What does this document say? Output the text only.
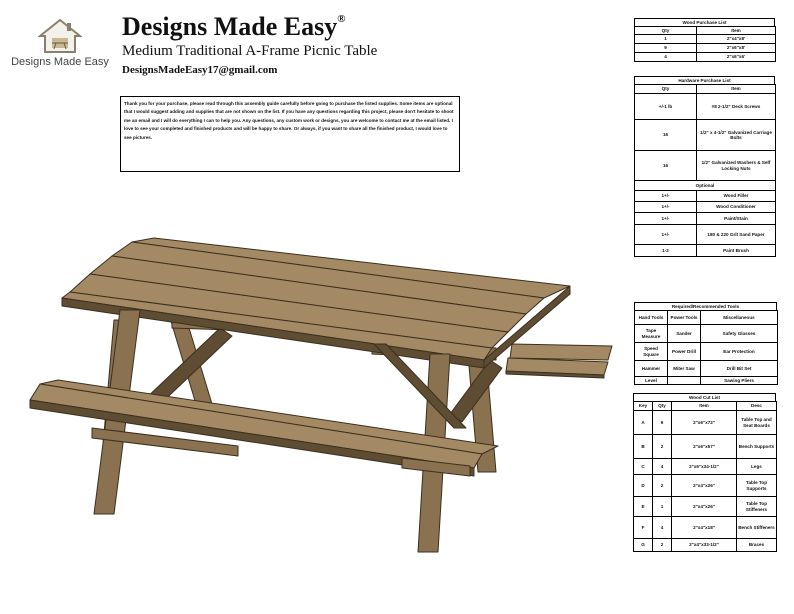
Designs Made Easy
Designs Made Easy®
Medium Traditional A-Frame Picnic Table
DesignsMadeEasy17@gmail.com
Thank you for your purchase, please read through this assembly guide carefully before going to purchase the listed supplies. Some items are optional that I would suggest adding and supplies that are not shown on the list. If you have any questions regarding this project, please don't hesitate to shoot me an email and I will do everything I can to help you. Any questions, any custom work or designs, you are welcome to contact me at the email listed. I love to see your completed and finished products and will be happy to share. Or always, if you want to share all the finished product, I would love to see pictures.
Wood Purchase List
Qty	Item
1	2"x4"x8'
9	2"x6"x8'
4	2"x6"x6'
Hardware Purchase List
Qty	Item
+/-1 lb	#8 2-1/2" Deck Screws
16	1/2" x 4-1/2" Galvanized Carriage Bolts
16	1/2" Galvanized Washers & Self Locking Nuts
Optional	
1+/-	Wood Filler
1+/-	Wood Conditioner
1+/-	Paint/Stain
1+/-	180 & 220 Grit Sand Paper
1-2	Paint Brush
Required/Recommended Tools
Hand Tools	Power Tools	Miscellaneous
Tape Measure	Sander	Safety Glasses
Speed Square	Power Drill	Ear Protection
Hammer	Miter Saw	Drill Bit Set
Level		Sawing Pliers
Wood Cut List
Key	Qty	Item	Desc
A	9	2"x6"x72"	Table Top and Seat Boards
B	2	2"x6"x57"	Bench Supports
C	4	2"x6"x34-1/2"	Legs
D	2	2"x4"x26"	Table Top Supports
E	1	2"x4"x26"	Table Top Stiffeners
F	4	2"x4"x18"	Bench Stiffeners
G	2	2"x4"x33-1/2"	Braces
